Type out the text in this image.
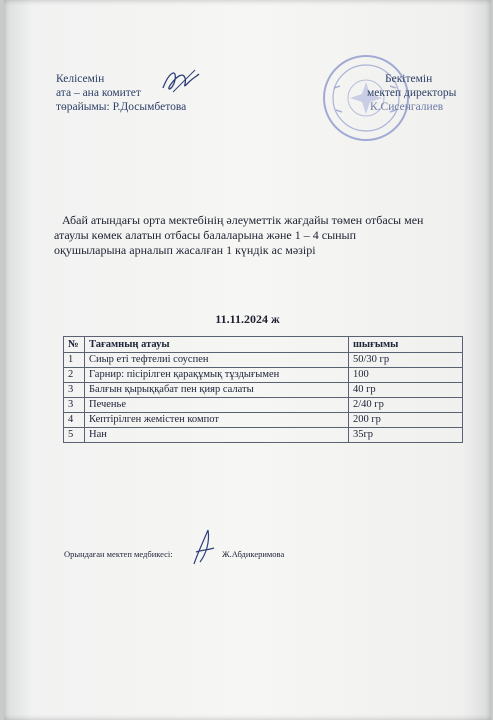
Келісемін
ата – ана комитет
төрайымы: Р.Досымбетова
Бекітемін
мектеп директоры
К.Сисенгалиев
Абай атындағы орта мектебінің әлеуметтік жағдайы төмен отбасы мен
атаулы көмек алатын отбасы балаларына және 1 – 4 сынып
оқушыларына арналып жасалған 1 күндік ас мәзірі
11.11.2024 ж
№	Тағамның атауы	шығымы
1	Сиыр еті тефтелиі соуспен	50/30 гр
2	Гарнир: пісірілген қарақұмық тұздығымен	100
3	Балғын қырыққабат пен қияр салаты	40 гр
3	Печенье	2/40 гр
4	Кептірілген жемістен компот	200 гр
5	Нан	35гр
Орындаған мектеп медбикесі:	Ж.Абдикеримова
